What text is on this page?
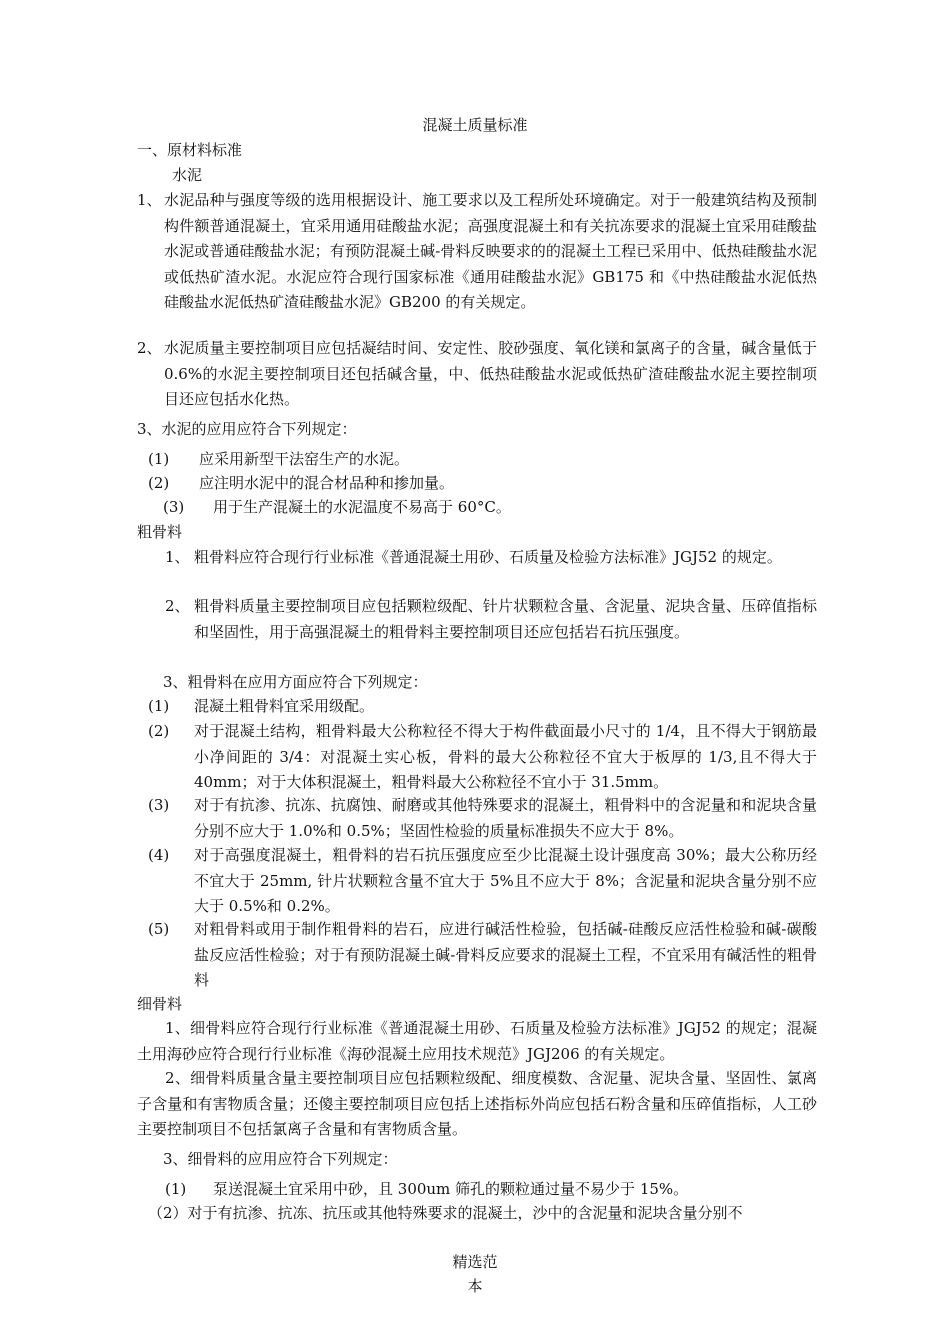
混凝土质量标准
一、原材料标准
水泥
1、 水泥品种与强度等级的选用根据设计、施工要求以及工程所处环境确定。对于一般建筑结构及预制构件额普通混凝土，宜采用通用硅酸盐水泥；高强度混凝土和有关抗冻要求的混凝土宜采用硅酸盐水泥或普通硅酸盐水泥；有预防混凝土碱-骨料反映要求的的混凝土工程已采用中、低热硅酸盐水泥或低热矿渣水泥。水泥应符合现行国家标准《通用硅酸盐水泥》GB175 和《中热硅酸盐水泥低热硅酸盐水泥低热矿渣硅酸盐水泥》GB200 的有关规定。
2、 水泥质量主要控制项目应包括凝结时间、安定性、胶砂强度、氧化镁和氯离子的含量，碱含量低于 0.6%的水泥主要控制项目还包括碱含量，中、低热硅酸盐水泥或低热矿渣硅酸盐水泥主要控制项目还应包括水化热。
3、水泥的应用应符合下列规定：
(1) 应采用新型干法窑生产的水泥。
(2) 应注明水泥中的混合材品种和掺加量。
(3) 用于生产混凝土的水泥温度不易高于 60°C。
粗骨料
1、 粗骨料应符合现行行业标准《普通混凝土用砂、石质量及检验方法标准》JGJ52 的规定。
2、 粗骨料质量主要控制项目应包括颗粒级配、针片状颗粒含量、含泥量、泥块含量、压碎值指标和坚固性，用于高强混凝土的粗骨料主要控制项目还应包括岩石抗压强度。
3、粗骨料在应用方面应符合下列规定：
(1) 混凝土粗骨料宜采用级配。
(2) 对于混凝土结构，粗骨料最大公称粒径不得大于构件截面最小尺寸的 1/4，且不得大于钢筋最小净间距的 3/4：对混凝土实心板，骨料的最大公称粒径不宜大于板厚的 1/3,且不得大于 40mm；对于大体积混凝土，粗骨料最大公称粒径不宜小于 31.5mm。
(3) 对于有抗渗、抗冻、抗腐蚀、耐磨或其他特殊要求的混凝土，粗骨料中的含泥量和和泥块含量分别不应大于 1.0%和 0.5%；坚固性检验的质量标准损失不应大于 8%。
(4) 对于高强度混凝土，粗骨料的岩石抗压强度应至少比混凝土设计强度高 30%；最大公称历经不宜大于 25mm, 针片状颗粒含量不宜大于 5%且不应大于 8%；含泥量和泥块含量分别不应大于 0.5%和 0.2%。
(5) 对粗骨料或用于制作粗骨料的岩石，应进行碱活性检验，包括碱-硅酸反应活性检验和碱-碳酸盐反应活性检验；对于有预防混凝土碱-骨料反应要求的混凝土工程，不宜采用有碱活性的粗骨料
细骨料
1、细骨料应符合现行行业标准《普通混凝土用砂、石质量及检验方法标准》JGJ52 的规定；混凝土用海砂应符合现行行业标准《海砂混凝土应用技术规范》JGJ206 的有关规定。
2、细骨料质量含量主要控制项目应包括颗粒级配、细度模数、含泥量、泥块含量、坚固性、氯离子含量和有害物质含量；还傻主要控制项目应包括上述指标外尚应包括石粉含量和压碎值指标，人工砂主要控制项目不包括氯离子含量和有害物质含量。
3、细骨料的应用应符合下列规定：
(1) 泵送混凝土宜采用中砂，且 300um 筛孔的颗粒通过量不易少于 15%。
（2）对于有抗渗、抗冻、抗压或其他特殊要求的混凝土，沙中的含泥量和泥块含量分别不
精选范
本
